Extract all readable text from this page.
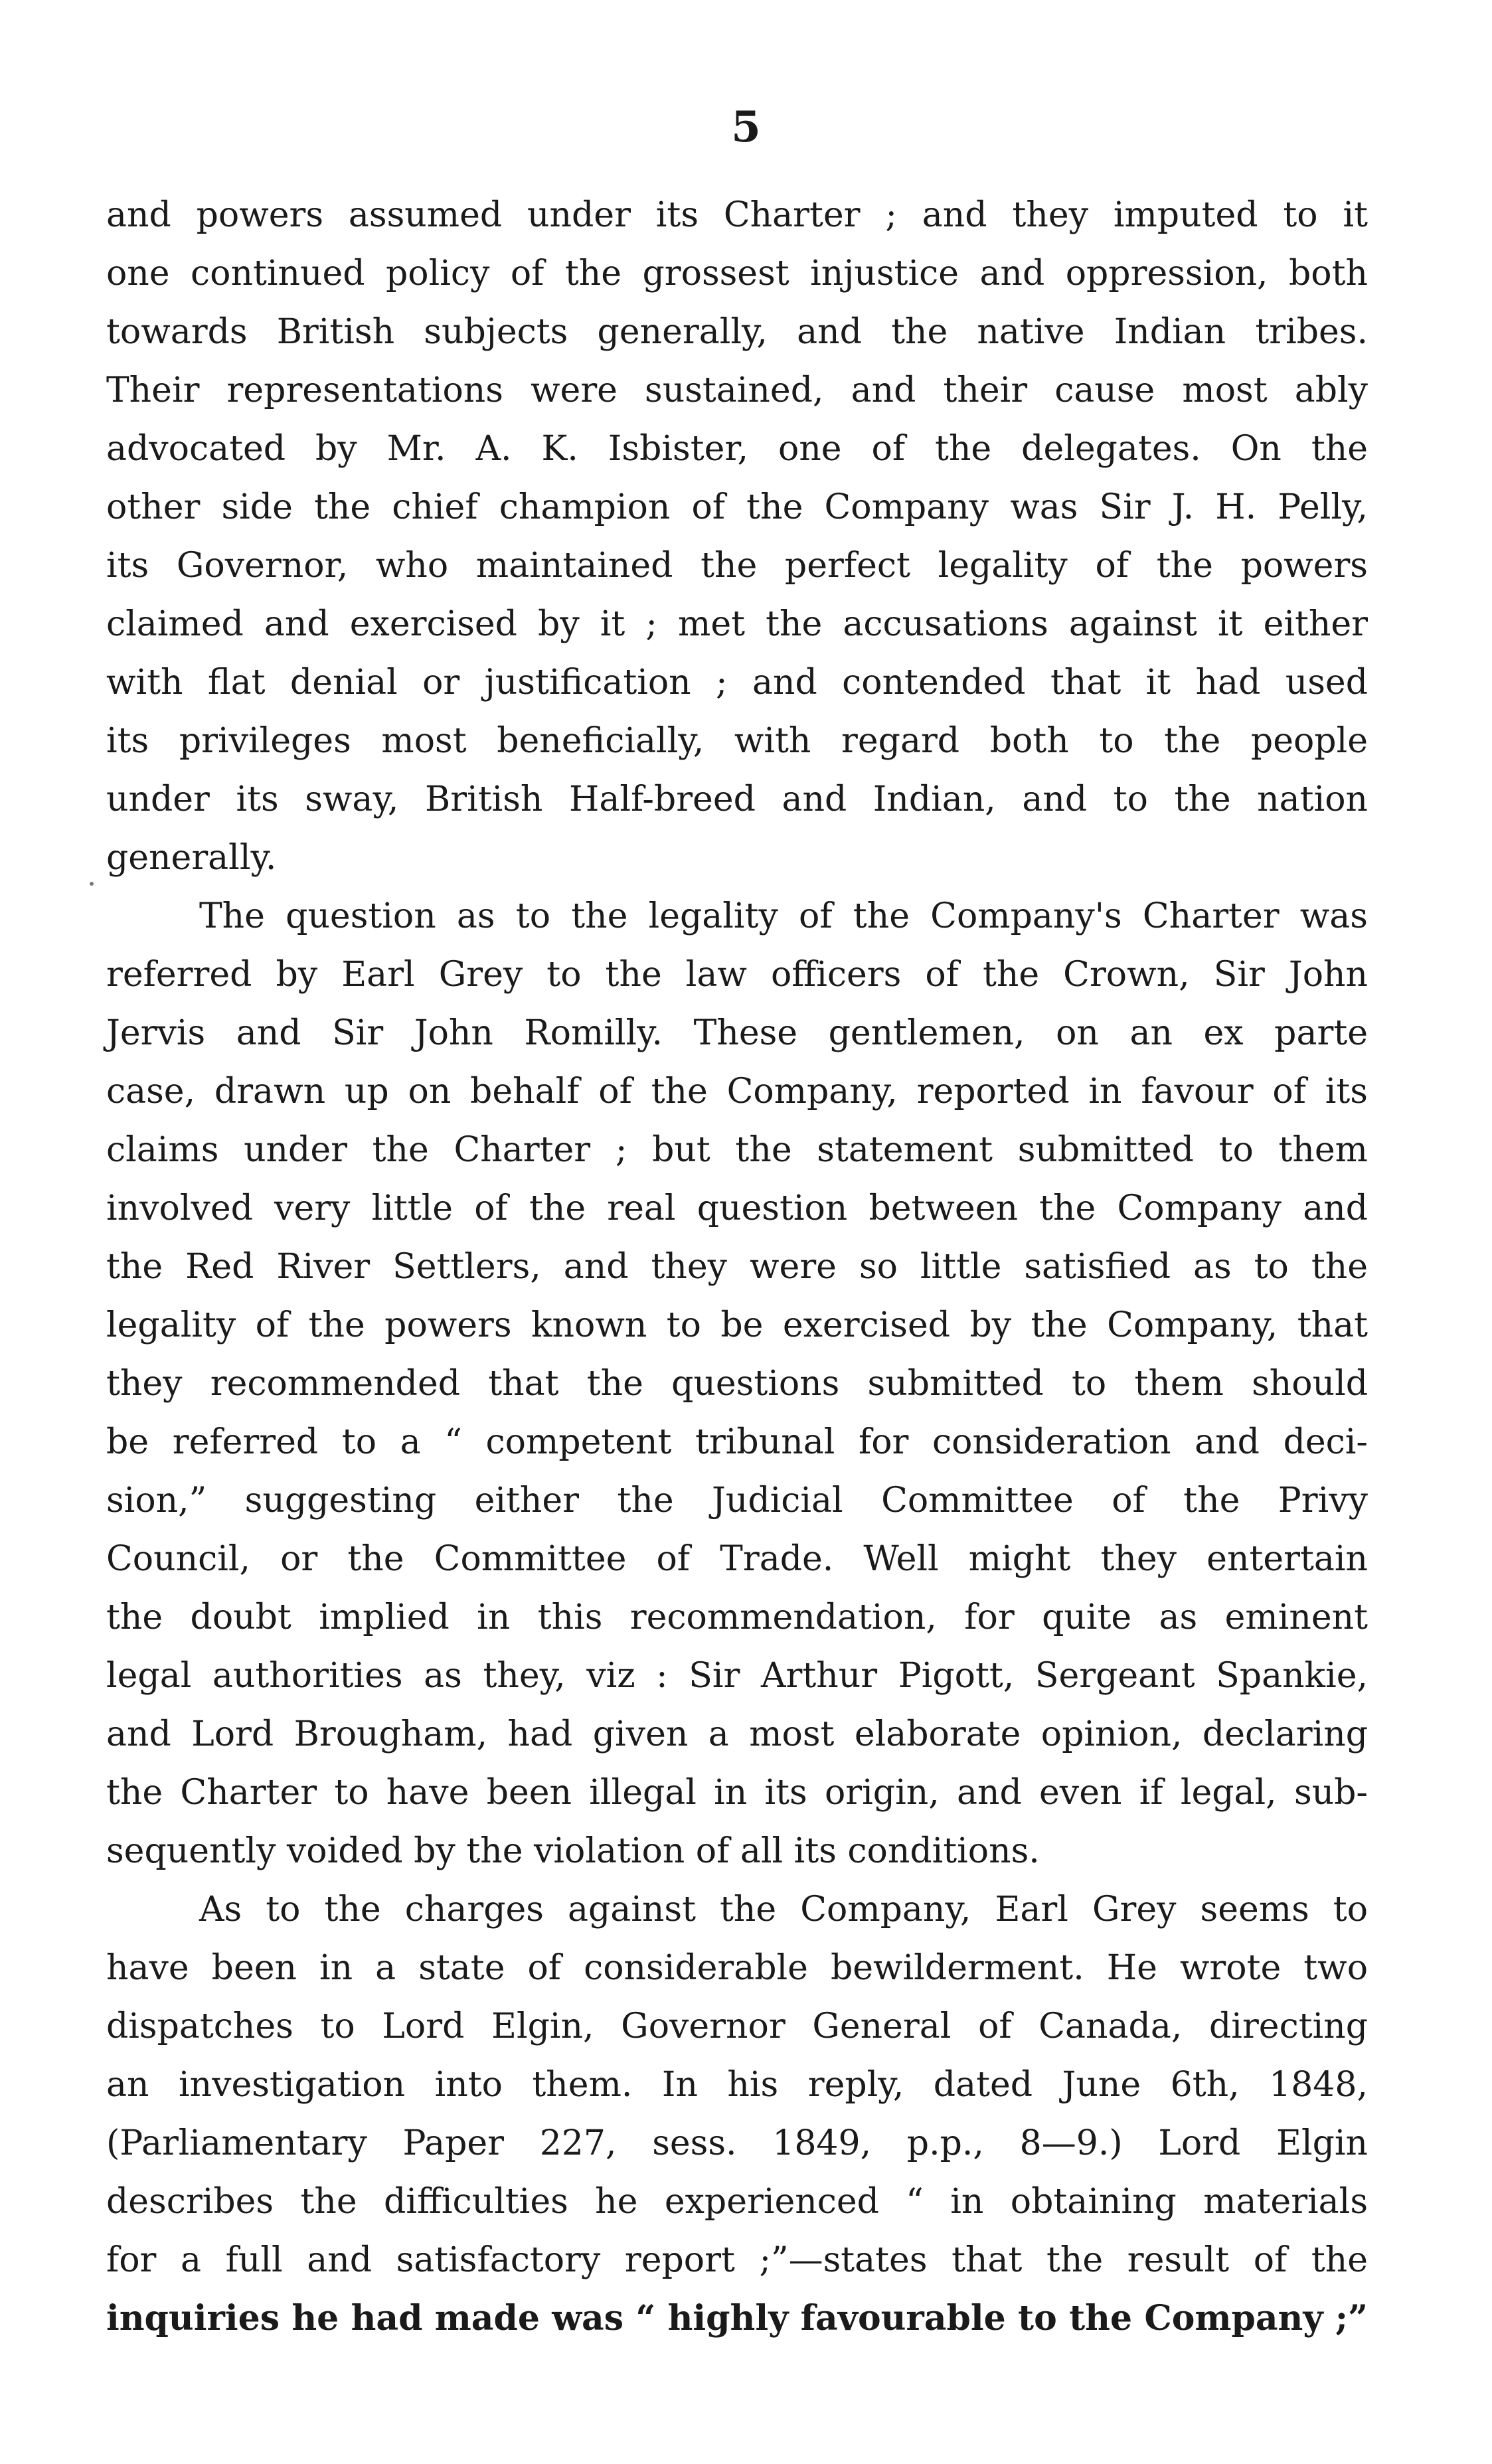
5
and powers assumed under its Charter ; and they imputed to it
one continued policy of the grossest injustice and oppression, both
towards British subjects generally, and the native Indian tribes.
Their representations were sustained, and their cause most ably
advocated by Mr. A. K. Isbister, one of the delegates. On the
other side the chief champion of the Company was Sir J. H. Pelly,
its Governor, who maintained the perfect legality of the powers
claimed and exercised by it ; met the accusations against it either
with flat denial or justification ; and contended that it had used
its privileges most beneficially, with regard both to the people
under its sway, British Half-breed and Indian, and to the nation
generally.
The question as to the legality of the Company's Charter was
referred by Earl Grey to the law officers of the Crown, Sir John
Jervis and Sir John Romilly. These gentlemen, on an ex parte
case, drawn up on behalf of the Company, reported in favour of its
claims under the Charter ; but the statement submitted to them
involved very little of the real question between the Company and
the Red River Settlers, and they were so little satisfied as to the
legality of the powers known to be exercised by the Company, that
they recommended that the questions submitted to them should
be referred to a “ competent tribunal for consideration and deci-
sion,” suggesting either the Judicial Committee of the Privy
Council, or the Committee of Trade. Well might they entertain
the doubt implied in this recommendation, for quite as eminent
legal authorities as they, viz : Sir Arthur Pigott, Sergeant Spankie,
and Lord Brougham, had given a most elaborate opinion, declaring
the Charter to have been illegal in its origin, and even if legal, sub-
sequently voided by the violation of all its conditions.
As to the charges against the Company, Earl Grey seems to
have been in a state of considerable bewilderment. He wrote two
dispatches to Lord Elgin, Governor General of Canada, directing
an investigation into them. In his reply, dated June 6th, 1848,
(Parliamentary Paper 227, sess. 1849, p.p., 8—9.) Lord Elgin
describes the difficulties he experienced “ in obtaining materials
for a full and satisfactory report ;”—states that the result of the
inquiries he had made was “ highly favourable to the Company ;”
